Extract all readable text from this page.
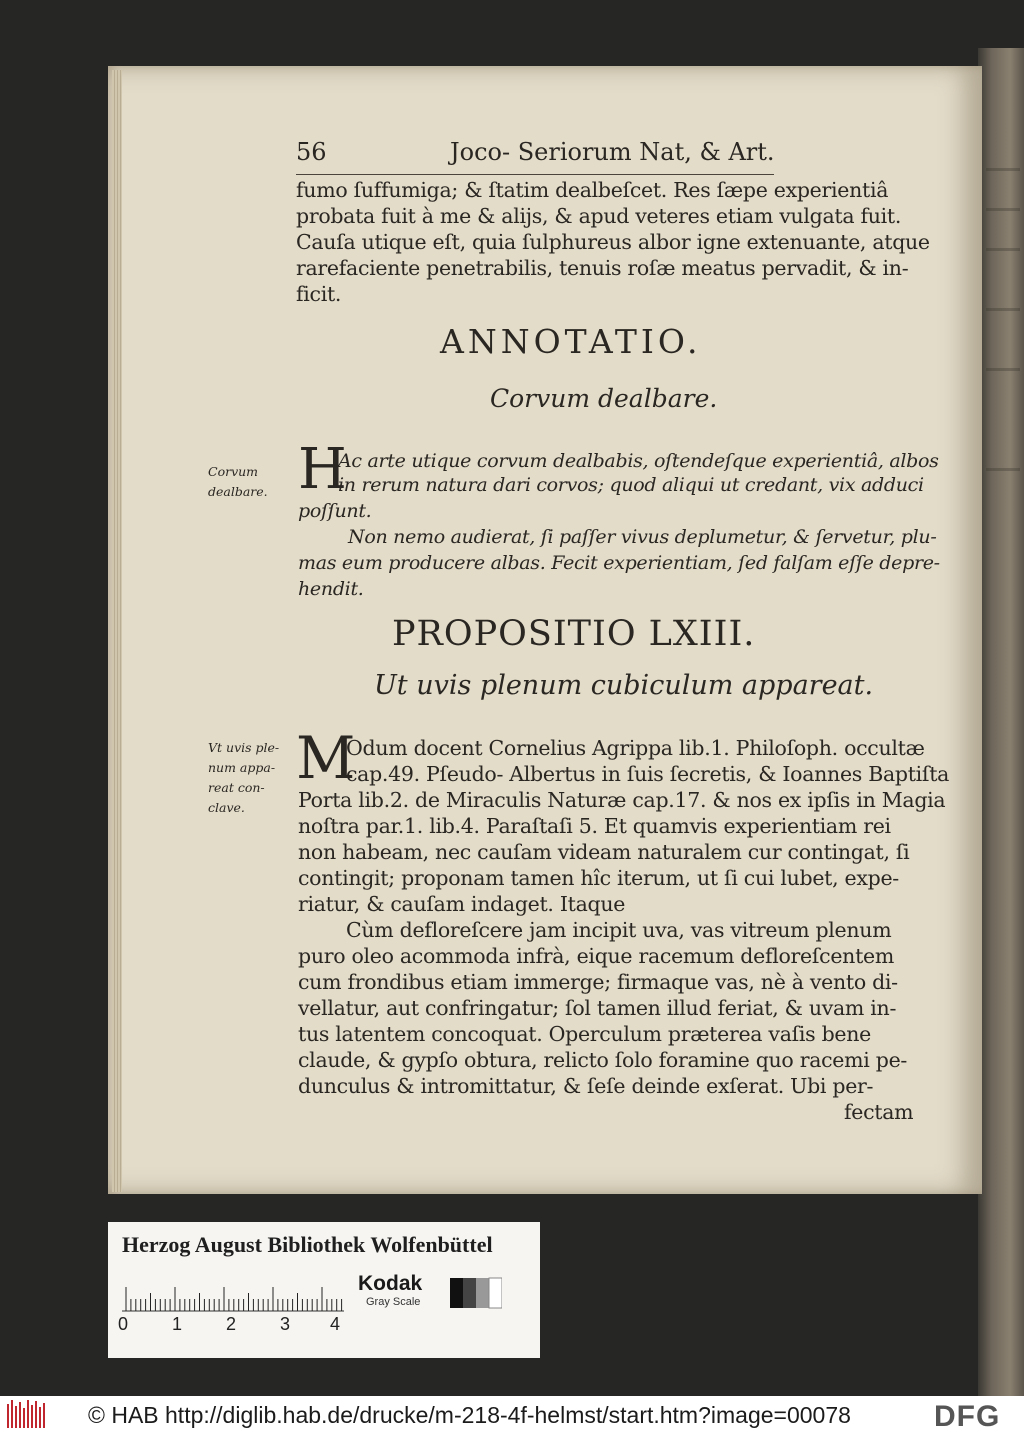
56	Joco- Seriorum Nat, & Art.
fumo ſuffumiga; & ſtatim dealbeſcet. Res ſæpe experientiâ
probata fuit à me & alijs, & apud veteres etiam vulgata fuit.
Cauſa utique eſt, quia ſulphureus albor igne extenuante, atque
rarefaciente penetrabilis, tenuis roſæ meatus pervadit, & in-
ficit.
ANNOTATIO.
Corvum dealbare.
Corvum
dealbare. H
Ac arte utique corvum dealbabis, oſtendeſque experientiâ, albos
in rerum natura dari corvos; quod aliqui ut credant, vix adduci
poſſunt.
Non nemo audierat, ſi paſſer vivus deplumetur, & ſervetur, plu-
mas eum producere albas. Fecit experientiam, ſed falſam eſſe depre-
hendit.
PROPOSITIO LXIII.
Ut uvis plenum cubiculum appareat.
Vt uvis ple-
num appa-
reat con-
clave.
M
Odum docent Cornelius Agrippa lib.1. Philoſoph. occultæ
cap.49. Pſeudo- Albertus in ſuis ſecretis, & Ioannes Baptiſta
Porta lib.2. de Miraculis Naturæ cap.17. & nos ex ipſis in Magia
noſtra par.1. lib.4. Paraſtaſi 5. Et quamvis experientiam rei
non habeam, nec cauſam videam naturalem cur contingat, ſi
contingit; proponam tamen hîc iterum, ut ſi cui lubet, expe-
riatur, & cauſam indaget. Itaque
Cùm defloreſcere jam incipit uva, vas vitreum plenum
puro oleo acommoda infrà, eique racemum defloreſcentem
cum frondibus etiam immerge; firmaque vas, nè à vento di-
vellatur, aut confringatur; ſol tamen illud feriat, & uvam in-
tus latentem concoquat. Operculum præterea vaſis bene
claude, & gypſo obtura, relicto ſolo foramine quo racemi pe-
dunculus & intromittatur, & ſeſe deinde exſerat. Ubi per-
fectam
Herzog August Bibliothek Wolfenbüttel
0 1 2 3 4
Kodak
Gray Scale
© HAB http://diglib.hab.de/drucke/m-218-4f-helmst/start.htm?image=00078	DFG
